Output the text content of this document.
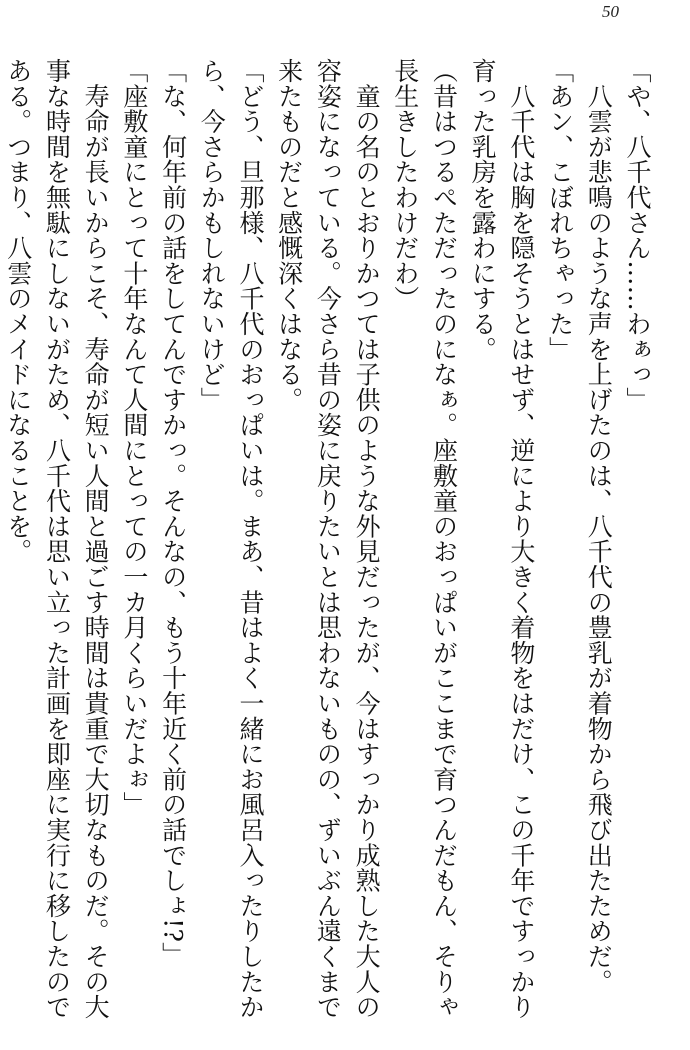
50
「や、八千代さん……わぁっ」
　八雲が悲鳴のような声を上げたのは、八千代の豊乳が着物から飛び出たためだ。
「あン、こぼれちゃった」
　八千代は胸を隠そうとはせず、逆により大きく着物をはだけ、この千年ですっかり
育った乳房を露わにする。
（昔はつるぺただったのになぁ。座敷童のおっぱいがここまで育つんだもん、そりゃ
長生きしたわけだわ）
　童の名のとおりかつては子供のような外見だったが、今はすっかり成熟した大人の
容姿になっている。今さら昔の姿に戻りたいとは思わないものの、ずいぶん遠くまで
来たものだと感慨深くはなる。
「どう、旦那様、八千代のおっぱいは。まあ、昔はよく一緒にお風呂入ったりしたか
ら、今さらかもしれないけど」
「な、何年前の話をしてんですかっ。そんなの、もう十年近く前の話でしょ!?」
「座敷童にとって十年なんて人間にとっての一カ月くらいだよぉ」
　寿命が長いからこそ、寿命が短い人間と過ごす時間は貴重で大切なものだ。その大
事な時間を無駄にしないがため、八千代は思い立った計画を即座に実行に移したので
ある。つまり、八雲のメイドになることを。
